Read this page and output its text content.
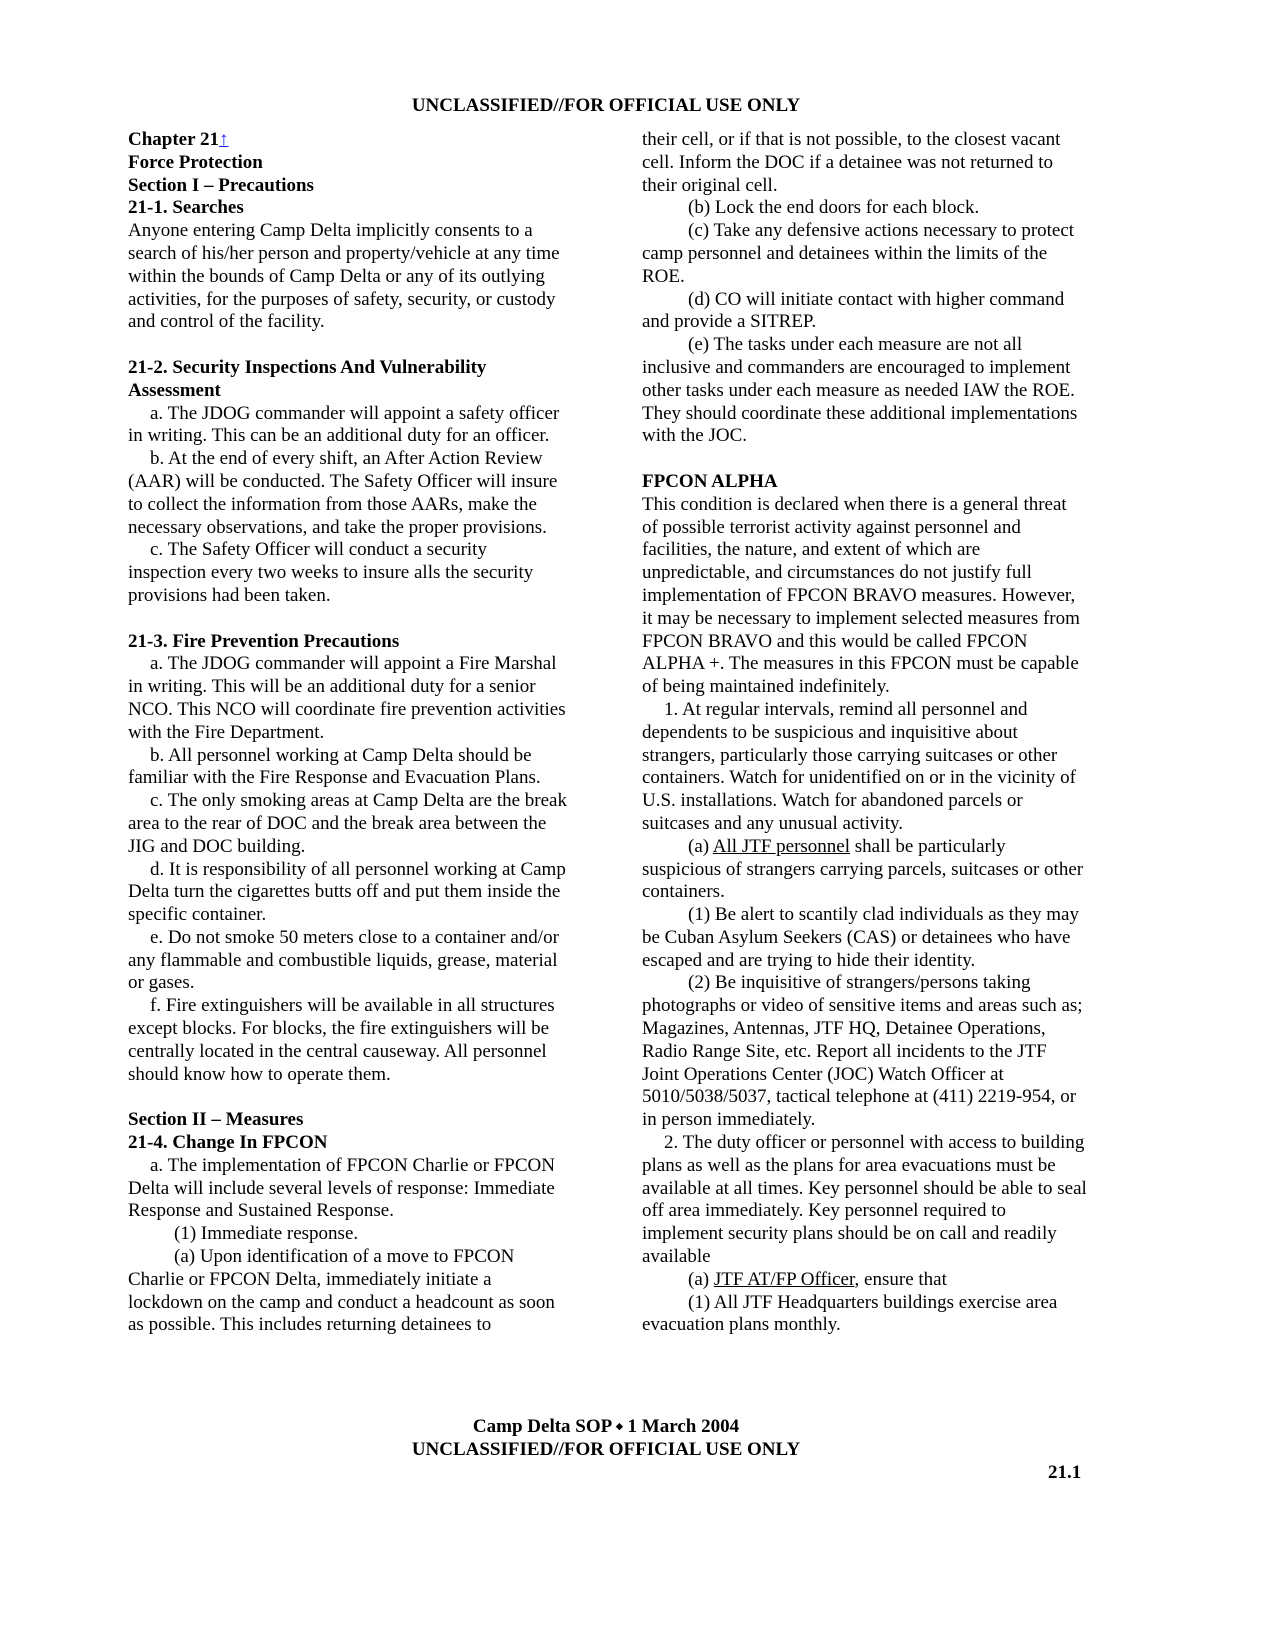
UNCLASSIFIED//FOR OFFICIAL USE ONLY

Chapter 21↑

Force Protection

Section I – Precautions

21-1. Searches

Anyone entering Camp Delta implicitly consents to a search of his/her person and property/vehicle at any time within the bounds of Camp Delta or any of its outlying activities, for the purposes of safety, security, or custody and control of the facility.

21-2. Security Inspections And Vulnerability Assessment

a. The JDOG commander will appoint a safety officer in writing. This can be an additional duty for an officer.

b. At the end of every shift, an After Action Review (AAR) will be conducted. The Safety Officer will insure to collect the information from those AARs, make the necessary observations, and take the proper provisions.

c. The Safety Officer will conduct a security inspection every two weeks to insure alls the security provisions had been taken.

21-3. Fire Prevention Precautions

a. The JDOG commander will appoint a Fire Marshal in writing. This will be an additional duty for a senior NCO. This NCO will coordinate fire prevention activities with the Fire Department.

b. All personnel working at Camp Delta should be familiar with the Fire Response and Evacuation Plans.

c. The only smoking areas at Camp Delta are the break area to the rear of DOC and the break area between the JIG and DOC building.

d. It is responsibility of all personnel working at Camp Delta turn the cigarettes butts off and put them inside the specific container.

e. Do not smoke 50 meters close to a container and/or any flammable and combustible liquids, grease, material or gases.

f. Fire extinguishers will be available in all structures except blocks. For blocks, the fire extinguishers will be centrally located in the central causeway. All personnel should know how to operate them.

Section II – Measures

21-4. Change In FPCON

a. The implementation of FPCON Charlie or FPCON Delta will include several levels of response: Immediate Response and Sustained Response.

(1) Immediate response.

(a) Upon identification of a move to FPCON Charlie or FPCON Delta, immediately initiate a lockdown on the camp and conduct a headcount as soon as possible. This includes returning detainees to

their cell, or if that is not possible, to the closest vacant cell. Inform the DOC if a detainee was not returned to their original cell.

(b) Lock the end doors for each block.

(c) Take any defensive actions necessary to protect camp personnel and detainees within the limits of the ROE.

(d) CO will initiate contact with higher command and provide a SITREP.

(e) The tasks under each measure are not all inclusive and commanders are encouraged to implement other tasks under each measure as needed IAW the ROE. They should coordinate these additional implementations with the JOC.

FPCON ALPHA

This condition is declared when there is a general threat of possible terrorist activity against personnel and facilities, the nature, and extent of which are unpredictable, and circumstances do not justify full implementation of FPCON BRAVO measures. However, it may be necessary to implement selected measures from FPCON BRAVO and this would be called FPCON ALPHA +. The measures in this FPCON must be capable of being maintained indefinitely.

1. At regular intervals, remind all personnel and dependents to be suspicious and inquisitive about strangers, particularly those carrying suitcases or other containers. Watch for unidentified on or in the vicinity of U.S. installations. Watch for abandoned parcels or suitcases and any unusual activity.

(a) All JTF personnel shall be particularly suspicious of strangers carrying parcels, suitcases or other containers.

(1) Be alert to scantily clad individuals as they may be Cuban Asylum Seekers (CAS) or detainees who have escaped and are trying to hide their identity.

(2) Be inquisitive of strangers/persons taking photographs or video of sensitive items and areas such as; Magazines, Antennas, JTF HQ, Detainee Operations, Radio Range Site, etc. Report all incidents to the JTF Joint Operations Center (JOC) Watch Officer at 5010/5038/5037, tactical telephone at (411) 2219-954, or in person immediately.

2. The duty officer or personnel with access to building plans as well as the plans for area evacuations must be available at all times. Key personnel should be able to seal off area immediately. Key personnel required to implement security plans should be on call and readily available

(a) JTF AT/FP Officer, ensure that

(1) All JTF Headquarters buildings exercise area evacuation plans monthly.

Camp Delta SOP ⬩ 1 March 2004
UNCLASSIFIED//FOR OFFICIAL USE ONLY
21.1
